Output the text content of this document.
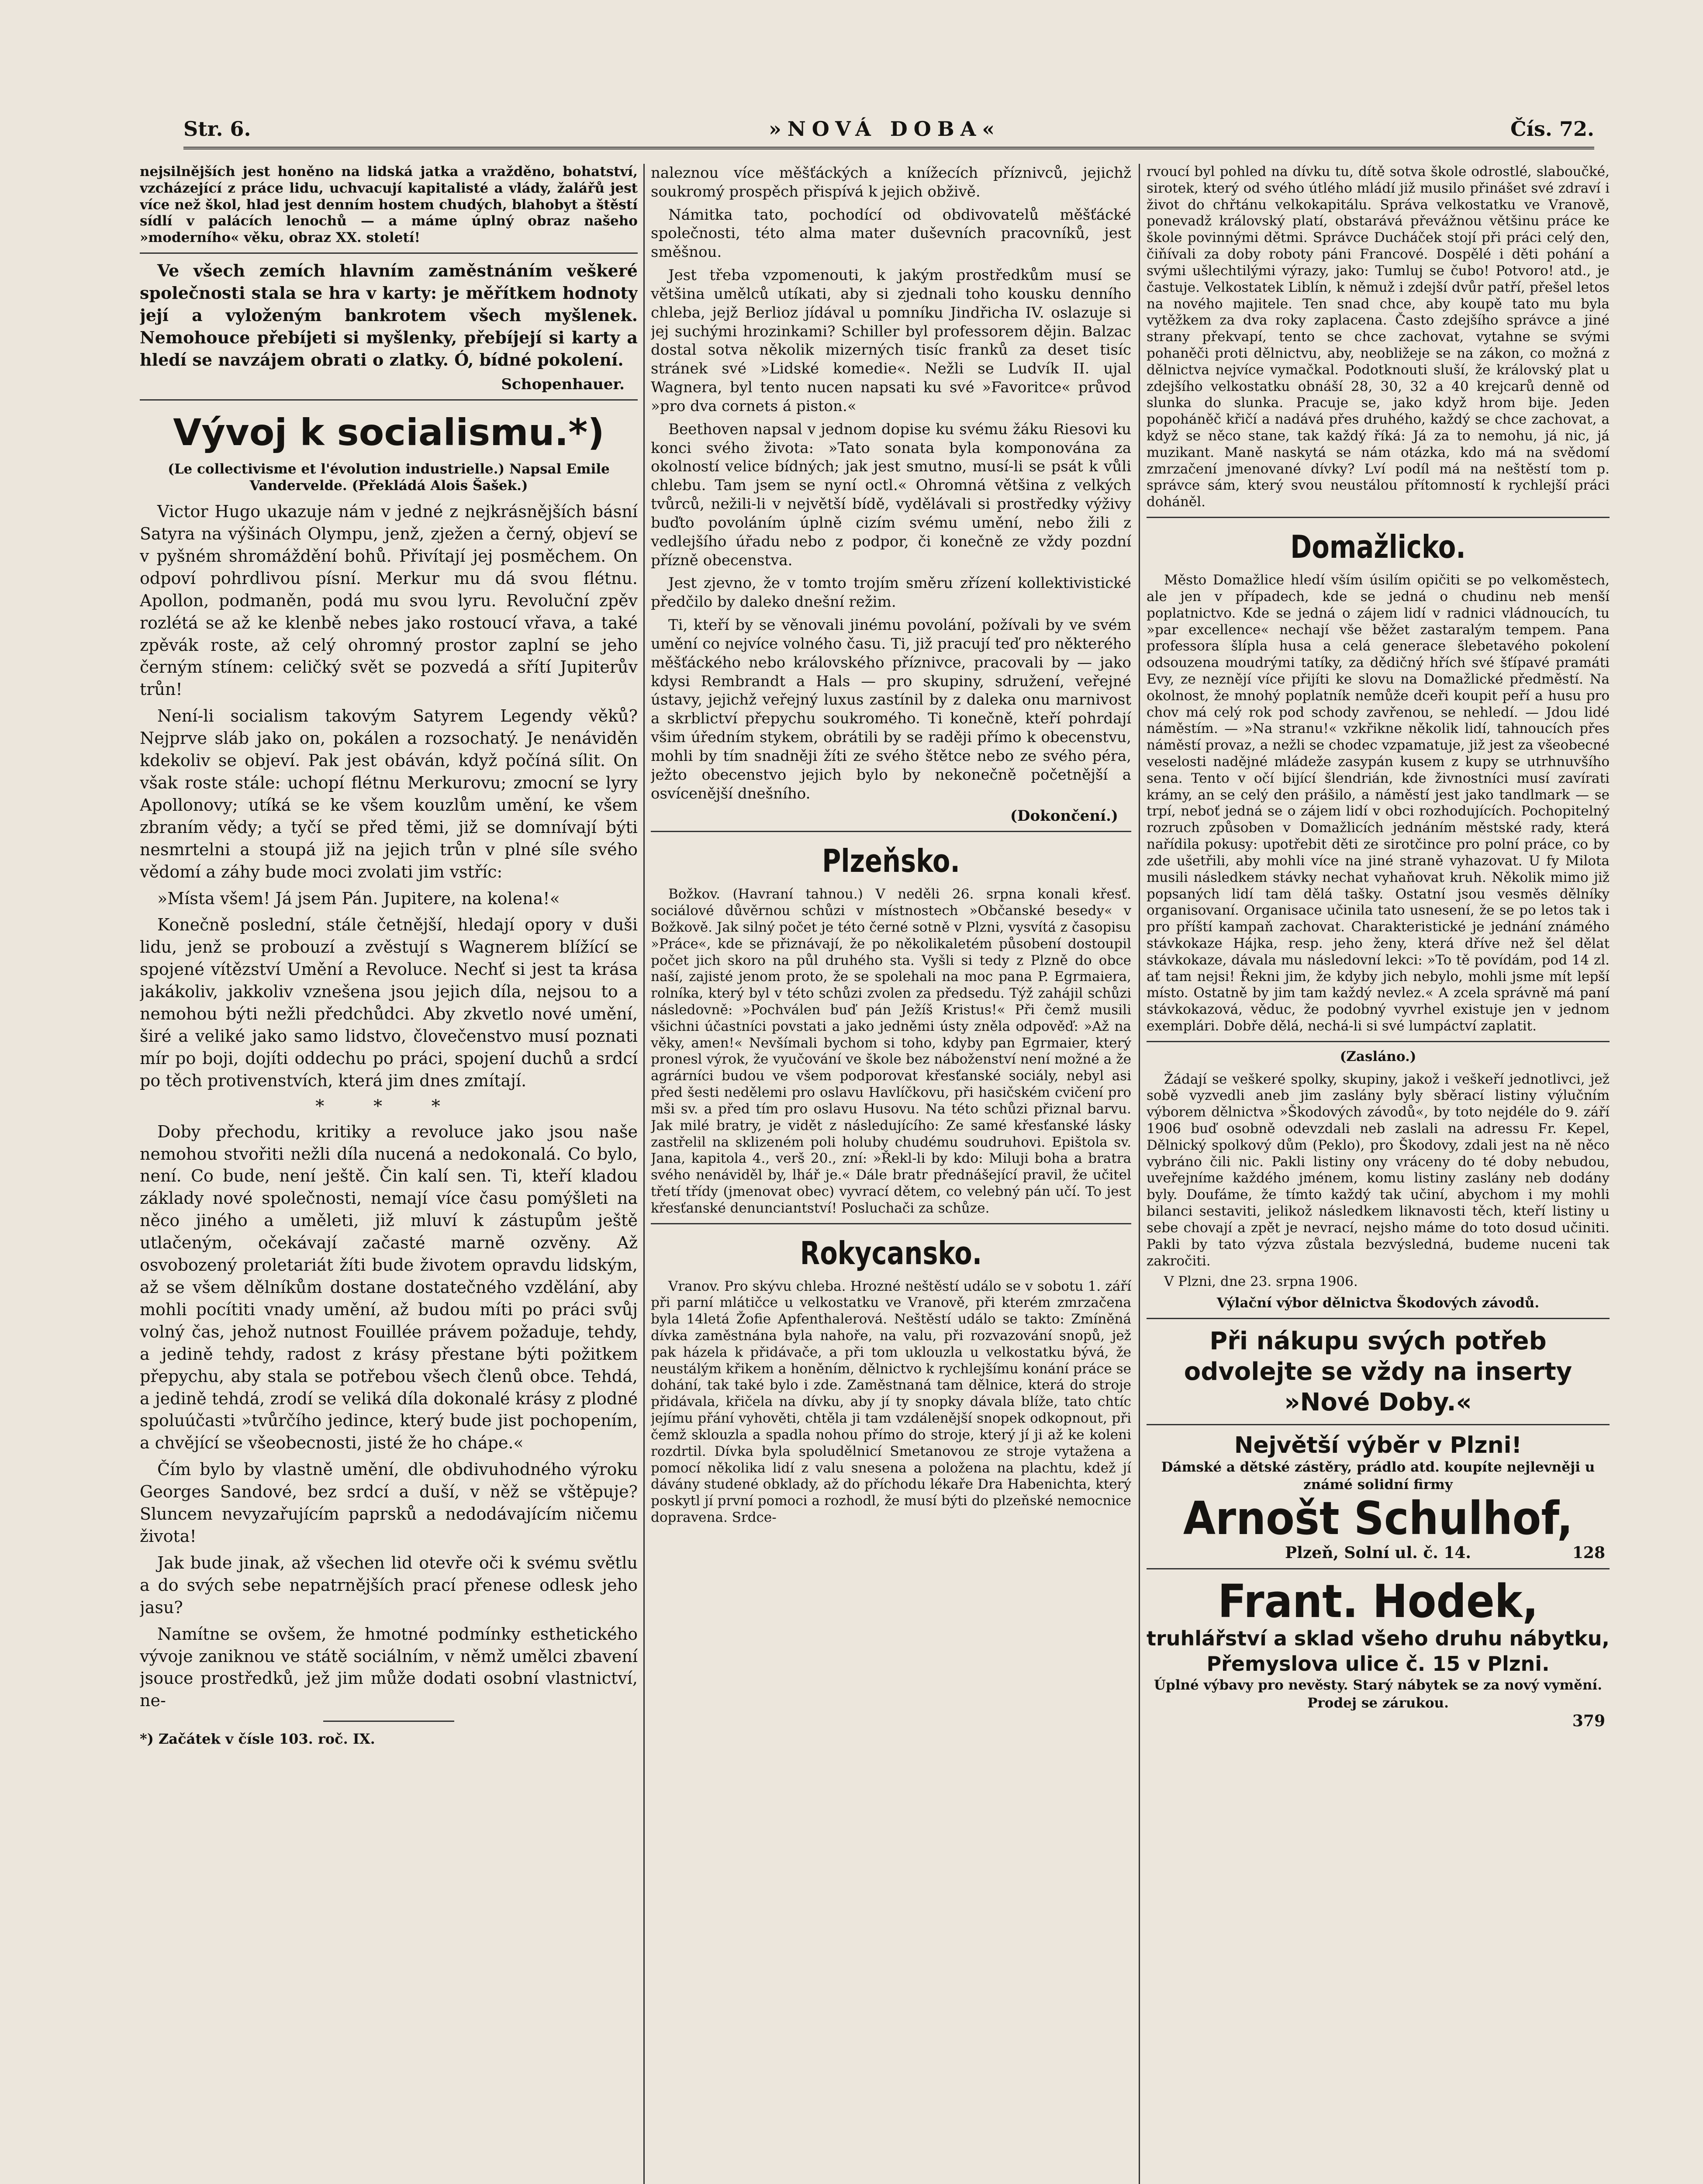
Str. 6.	»NOVÁ DOBA«	Čís. 72.

nejsilnějších jest honěno na lidská jatka a vražděno, bohatství, vzcházející z práce lidu, uchvacují kapitalisté a vlády, žalářů jest více než škol, hlad jest denním hostem chudých, blahobyt a štěstí sídlí v palácích lenochů — a máme úplný obraz našeho »moderního« věku, obraz XX. století!

Ve všech zemích hlavním zaměstnáním veškeré společnosti stala se hra v karty: je měřítkem hodnoty její a vyloženým bankrotem všech myšlenek. Nemohouce přebíjeti si myšlenky, přebíjejí si karty a hledí se navzájem obrati o zlatky. Ó, bídné pokolení.

Schopenhauer.
Vývoj k socialismu.*)
(Le collectivisme et l'évolution industrielle.) Napsal Emile Vandervelde. (Překládá Alois Šašek.)

Victor Hugo ukazuje nám v jedné z nejkrásnějších básní Satyra na výšinách Olympu, jenž, zježen a černý, objeví se v pyšném shromáždění bohů. Přivítají jej posměchem. On odpoví pohrdlivou písní. Merkur mu dá svou flétnu. Apollon, podmaněn, podá mu svou lyru. Revoluční zpěv rozlétá se až ke klenbě nebes jako rostoucí vřava, a také zpěvák roste, až celý ohromný prostor zaplní se jeho černým stínem: celičký svět se pozvedá a sřítí Jupiterův trůn!

Není-li socialism takovým Satyrem Legendy věků? Nejprve sláb jako on, pokálen a rozsochatý. Je nenáviděn kdekoliv se objeví. Pak jest obáván, když počíná sílit. On však roste stále: uchopí flétnu Merkurovu; zmocní se lyry Apollonovy; utíká se ke všem kouzlům umění, ke všem zbraním vědy; a tyčí se před těmi, již se domnívají býti nesmrtelni a stoupá již na jejich trůn v plné síle svého vědomí a záhy bude moci zvolati jim vstříc:

»Místa všem! Já jsem Pán. Jupitere, na kolena!«

Konečně poslední, stále četnější, hledají opory v duši lidu, jenž se probouzí a zvěstují s Wagnerem blížící se spojené vítězství Umění a Revoluce. Nechť si jest ta krása jakákoliv, jakkoliv vznešena jsou jejich díla, nejsou to a nemohou býti nežli předchůdci. Aby zkvetlo nové umění, širé a veliké jako samo lidstvo, človečenstvo musí poznati mír po boji, dojíti oddechu po práci, spojení duchů a srdcí po těch protivenstvích, která jim dnes zmítají.

* * *

Doby přechodu, kritiky a revoluce jako jsou naše nemohou stvořiti nežli díla nucená a nedokonalá. Co bylo, není. Co bude, není ještě. Čin kalí sen. Ti, kteří kladou základy nové společnosti, nemají více času pomýšleti na něco jiného a uměleti, již mluví k zástupům ještě utlačeným, očekávají začasté marně ozvěny. Až osvobozený proletariát žíti bude životem opravdu lidským, až se všem dělníkům dostane dostatečného vzdělání, aby mohli pocítiti vnady umění, až budou míti po práci svůj volný čas, jehož nutnost Fouillée právem požaduje, tehdy, a jedině tehdy, radost z krásy přestane býti požitkem přepychu, aby stala se potřebou všech členů obce. Tehdá, a jedině tehdá, zrodí se veliká díla dokonalé krásy z plodné spoluúčasti »tvůrčího jedince, který bude jist pochopením, a chvějící se všeobecnosti, jisté že ho chápe.«

Čím bylo by vlastně umění, dle obdivuhodného výroku Georges Sandové, bez srdcí a duší, v něž se vštěpuje? Sluncem nevyzařujícím paprsků a nedodávajícím ničemu života!

Jak bude jinak, až všechen lid otevře oči k svému světlu a do svých sebe nepatrnějších prací přenese odlesk jeho jasu?

Namítne se ovšem, že hmotné podmínky esthetického vývoje zaniknou ve státě sociálním, v němž umělci zbavení jsouce prostředků, jež jim může dodati osobní vlastnictví, ne-

*) Začátek v čísle 103. roč. IX.

naleznou více měšťáckých a knížecích příznivců, jejichž soukromý prospěch přispívá k jejich obživě.

Námitka tato, pochodící od obdivovatelů měšťácké společnosti, této alma mater duševních pracovníků, jest směšnou.

Jest třeba vzpomenouti, k jakým prostředkům musí se většina umělců utíkati, aby si zjednali toho kousku denního chleba, jejž Berlioz jídával u pomníku Jindřicha IV. oslazuje si jej suchými hrozinkami? Schiller byl professorem dějin. Balzac dostal sotva několik mizerných tisíc franků za deset tisíc stránek své »Lidské komedie«. Nežli se Ludvík II. ujal Wagnera, byl tento nucen napsati ku své »Favoritce« průvod »pro dva cornets á piston.«

Beethoven napsal v jednom dopise ku svému žáku Riesovi ku konci svého života: »Tato sonata byla komponována za okolností velice bídných; jak jest smutno, musí-li se psát k vůli chlebu. Tam jsem se nyní octl.« Ohromná většina z velkých tvůrců, nežili-li v největší bídě, vydělávali si prostředky výživy buďto povoláním úplně cizím svému umění, nebo žili z vedlejšího úřadu nebo z podpor, či konečně ze vždy pozdní přízně obecenstva.

Jest zjevno, že v tomto trojím směru zřízení kollektivistické předčilo by daleko dnešní režim.

Ti, kteří by se věnovali jinému povolání, požívali by ve svém umění co nejvíce volného času. Ti, již pracují teď pro některého měšťáckého nebo královského příznivce, pracovali by — jako kdysi Rembrandt a Hals — pro skupiny, sdružení, veřejné ústavy, jejichž veřejný luxus zastínil by z daleka onu marnivost a skrblictví přepychu soukromého. Ti konečně, kteří pohrdají všim úředním stykem, obrátili by se raději přímo k obecenstvu, mohli by tím snadněji žíti ze svého štětce nebo ze svého péra, ježto obecenstvo jejich bylo by nekonečně početnější a osvícenější dnešního.

(Dokončení.)
Plzeňsko.

Božkov. (Havraní tahnou.) V neděli 26. srpna konali křesť. sociálové důvěrnou schůzi v místnostech »Občanské besedy« v Božkově. Jak silný počet je této černé sotně v Plzni, vysvítá z časopisu »Práce«, kde se přiznávají, že po několikaletém působení dostoupil počet jich skoro na půl druhého sta. Vyšli si tedy z Plzně do obce naší, zajisté jenom proto, že se spolehali na moc pana P. Egrmaiera, rolníka, který byl v této schůzi zvolen za předsedu. Týž zahájil schůzi následovně: »Pochválen buď pán Ježíš Kristus!« Při čemž musili všichni účastníci povstati a jako jedněmi ústy zněla odpověď: »Až na věky, amen!« Nevšímali bychom si toho, kdyby pan Egrmaier, který pronesl výrok, že vyučování ve škole bez náboženství není možné a že agrárníci budou ve všem podporovat křesťanské sociály, nebyl asi před šesti nedělemi pro oslavu Havlíčkovu, při hasičském cvičení pro mši sv. a před tím pro oslavu Husovu. Na této schůzi přiznal barvu. Jak milé bratry, je vidět z následujícího: Ze samé křesťanské lásky zastřelil na sklizeném poli holuby chudému soudruhovi. Epištola sv. Jana, kapitola 4., verš 20., zní: »Řekl-li by kdo: Miluji boha a bratra svého nenáviděl by, lhář je.« Dále bratr přednášející pravil, že učitel třetí třídy (jmenovat obec) vyvrací dětem, co velebný pán učí. To jest křesťanské denunciantství! Posluchači za schůze.

Rokycansko.

Vranov. Pro skývu chleba. Hrozné neštěstí událo se v sobotu 1. září při parní mlátičce u velkostatku ve Vranově, při kterém zmrzačena byla 14letá Žofie Apfenthalerová. Neštěstí událo se takto: Zmíněná dívka zaměstnána byla nahoře, na valu, při rozvazování snopů, jež pak házela k přidávače, a při tom uklouzla u velkostatku bývá, že neustálým křikem a honěním, dělnictvo k rychlejšímu konání práce se dohání, tak také bylo i zde. Zaměstnaná tam dělnice, která do stroje přidávala, křičela na dívku, aby jí ty snopky dávala blíže, tato chtíc jejímu přání vyhověti, chtěla ji tam vzdálenější snopek odkopnout, při čemž sklouzla a spadla nohou přímo do stroje, který jí ji až ke koleni rozdrtil. Dívka byla spoludělnicí Smetanovou ze stroje vytažena a pomocí několika lidí z valu snesena a položena na plachtu, kdež jí dávány studené obklady, až do příchodu lékaře Dra Habenichta, který poskytl jí první pomoci a rozhodl, že musí býti do plzeňské nemocnice dopravena. Srdce-

rvoucí byl pohled na dívku tu, dítě sotva škole odrostlé, slaboučké, sirotek, který od svého útlého mládí již musilo přinášet své zdraví i život do chřtánu velkokapitálu. Správa velkostatku ve Vranově, ponevadž královský platí, obstarává převážnou většinu práce ke škole povinnými dětmi. Správce Ducháček stojí při práci celý den, čiňívali za doby roboty páni Francové. Dospělé i děti pohání a svými ušlechtilými výrazy, jako: Tumluj se čubo! Potvoro! atd., je častuje. Velkostatek Liblín, k němuž i zdejší dvůr patří, přešel letos na nového majitele. Ten snad chce, aby koupě tato mu byla vytěžkem za dva roky zaplacena. Často zdejšího správce a jiné strany překvapí, tento se chce zachovat, vytahne se svými pohaněči proti dělnictvu, aby, neobližeje se na zákon, co možná z dělnictva nejvíce vymačkal. Podotknouti sluší, že královský plat u zdejšího velkostatku obnáší 28, 30, 32 a 40 krejcarů denně od slunka do slunka. Pracuje se, jako když hrom bije. Jeden popoháněč křičí a nadává přes druhého, každý se chce zachovat, a když se něco stane, tak každý říká: Já za to nemohu, já nic, já muzikant. Maně naskytá se nám otázka, kdo má na svědomí zmrzačení jmenované dívky? Lví podíl má na neštěstí tom p. správce sám, který svou neustálou přítomností k rychlejší práci doháněl.

Domažlicko.

Město Domažlice hledí vším úsilím opičiti se po velkoměstech, ale jen v případech, kde se jedná o chudinu neb menší poplatnictvo. Kde se jedná o zájem lidí v radnici vládnoucích, tu »par excellence« nechají vše běžet zastaralým tempem. Pana professora šlípla husa a celá generace šlebetavého pokolení odsouzena moudrými tatíky, za dědičný hřích své šťípavé pramáti Evy, ze neznějí více přijíti ke slovu na Domažlické předměstí. Na okolnost, že mnohý poplatník nemůže dceři koupit peří a husu pro chov má celý rok pod schody zavřenou, se nehledí. — Jdou lidé náměstím. — »Na stranu!« vzkřikne několik lidí, tahnoucích přes náměstí provaz, a nežli se chodec vzpamatuje, již jest za všeobecné veselosti nadějné mládeže zasypán kusem z kupy se utrhnuvšího sena. Tento v očí bijící šlendrián, kde živnostníci musí zavírati krámy, an se celý den prášilo, a náměstí jest jako tandlmark — se trpí, neboť jedná se o zájem lidí v obci rozhodujících. Pochopitelný rozruch způsoben v Domažlicích jednáním městské rady, která nařídila pokusy: upotřebit děti ze sirotčince pro polní práce, co by zde ušetřili, aby mohli více na jiné straně vyhazovat. U fy Milota musili následkem stávky nechat vyhaňovat kruh. Několik mimo již popsaných lidí tam dělá tašky. Ostatní jsou vesměs dělníky organisovaní. Organisace učinila tato usnesení, že se po letos tak i pro příští kampaň zachovat. Charakteristické je jednání známého stávkokaze Hájka, resp. jeho ženy, která dříve než šel dělat stávkokaze, dávala mu následovní lekci: »To tě povídám, pod 14 zl. ať tam nejsi! Řekni jim, že kdyby jich nebylo, mohli jsme mít lepší místo. Ostatně by jim tam každý nevlez.« A zcela správně má paní stávkokazová, věduc, že podobný vyvrhel existuje jen v jednom exemplári. Dobře dělá, nechá-li si své lumpáctví zaplatit.

(Zasláno.)

Žádají se veškeré spolky, skupiny, jakož i veškeří jednotlivci, jež sobě vyzvedli aneb jim zaslány byly sběrací listiny výlučním výborem dělnictva »Škodových závodů«, by toto nejdéle do 9. září 1906 buď osobně odevzdali neb zaslali na adressu Fr. Kepel, Dělnický spolkový dům (Peklo), pro Škodovy, zdali jest na ně něco vybráno čili nic. Pakli listiny ony vráceny do té doby nebudou, uveřejníme každého jménem, komu listiny zaslány neb dodány byly. Doufáme, že tímto každý tak učiní, abychom i my mohli bilanci sestaviti, jelikož následkem liknavosti těch, kteří listiny u sebe chovají a zpět je nevrací, nejsho máme do toto dosud učiniti. Pakli by tato výzva zůstala bezvýsledná, budeme nuceni tak zakročiti.

V Plzni, dne 23. srpna 1906.

Výlační výbor dělnictva Škodových závodů.
Při nákupu svých potřeb odvolejte se vždy na inserty »Nové Doby.«
Největší výběr v Plzni!
Dámské a dětské zástěry, prádlo atd. koupíte nejlevněji u známé solidní firmy
Arnošt Schulhof,
Plzeň, Solní ul. č. 14.	128
Frant. Hodek,
truhlářství a sklad všeho druhu nábytku, Přemyslova ulice č. 15 v Plzni.
Úplné výbavy pro nevěsty. Starý nábytek se za nový vymění. Prodej se zárukou.
379
